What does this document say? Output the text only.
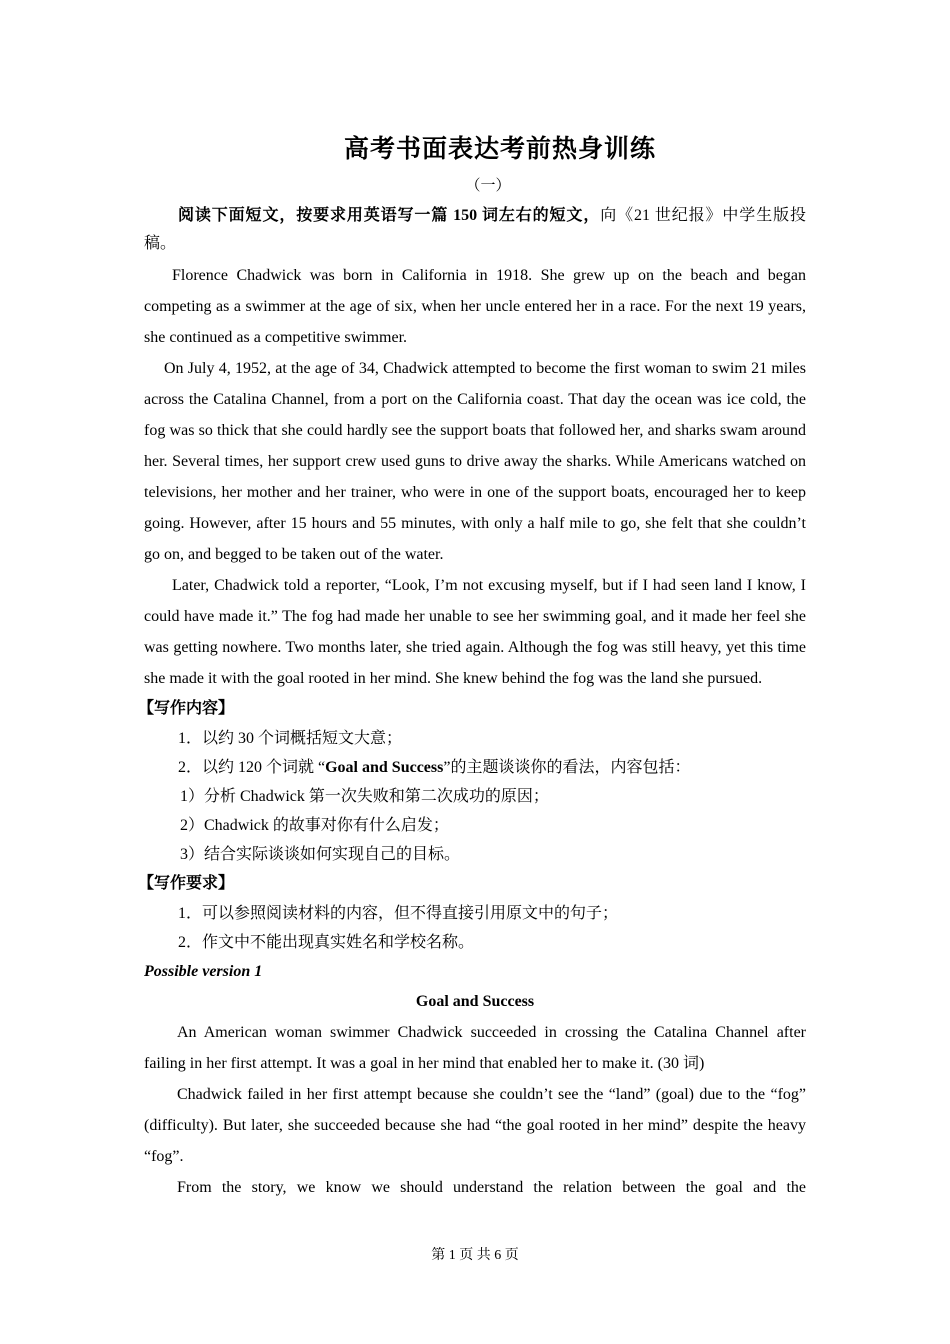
高考书面表达考前热身训练
（一）

阅读下面短文，按要求用英语写一篇 150 词左右的短文，向《21 世纪报》中学生版投稿。

Florence Chadwick was born in California in 1918. She grew up on the beach and began competing as a swimmer at the age of six, when her uncle entered her in a race. For the next 19 years, she continued as a competitive swimmer.

On July 4, 1952, at the age of 34, Chadwick attempted to become the first woman to swim 21 miles across the Catalina Channel, from a port on the California coast. That day the ocean was ice cold, the fog was so thick that she could hardly see the support boats that followed her, and sharks swam around her. Several times, her support crew used guns to drive away the sharks. While Americans watched on televisions, her mother and her trainer, who were in one of the support boats, encouraged her to keep going. However, after 15 hours and 55 minutes, with only a half mile to go, she felt that she couldn’t go on, and begged to be taken out of the water.

Later, Chadwick told a reporter, “Look, I’m not excusing myself, but if I had seen land I know, I could have made it.” The fog had made her unable to see her swimming goal, and it made her feel she was getting nowhere. Two months later, she tried again. Although the fog was still heavy, yet this time she made it with the goal rooted in her mind. She knew behind the fog was the land she pursued.

【写作内容】

1．以约 30 个词概括短文大意；

2．以约 120 个词就 “Goal and Success”的主题谈谈你的看法，内容包括：

1）分析 Chadwick 第一次失败和第二次成功的原因；

2）Chadwick 的故事对你有什么启发；

3）结合实际谈谈如何实现自己的目标。

【写作要求】

1．可以参照阅读材料的内容，但不得直接引用原文中的句子；

2．作文中不能出现真实姓名和学校名称。

Possible version 1

Goal and Success

An American woman swimmer Chadwick succeeded in crossing the Catalina Channel after failing in her first attempt. It was a goal in her mind that enabled her to make it. (30 词)

Chadwick failed in her first attempt because she couldn’t see the “land” (goal) due to the “fog” (difficulty). But later, she succeeded because she had “the goal rooted in her mind” despite the heavy “fog”.

From the story, we know we should understand the relation between the goal and the

第 1 页 共 6 页
